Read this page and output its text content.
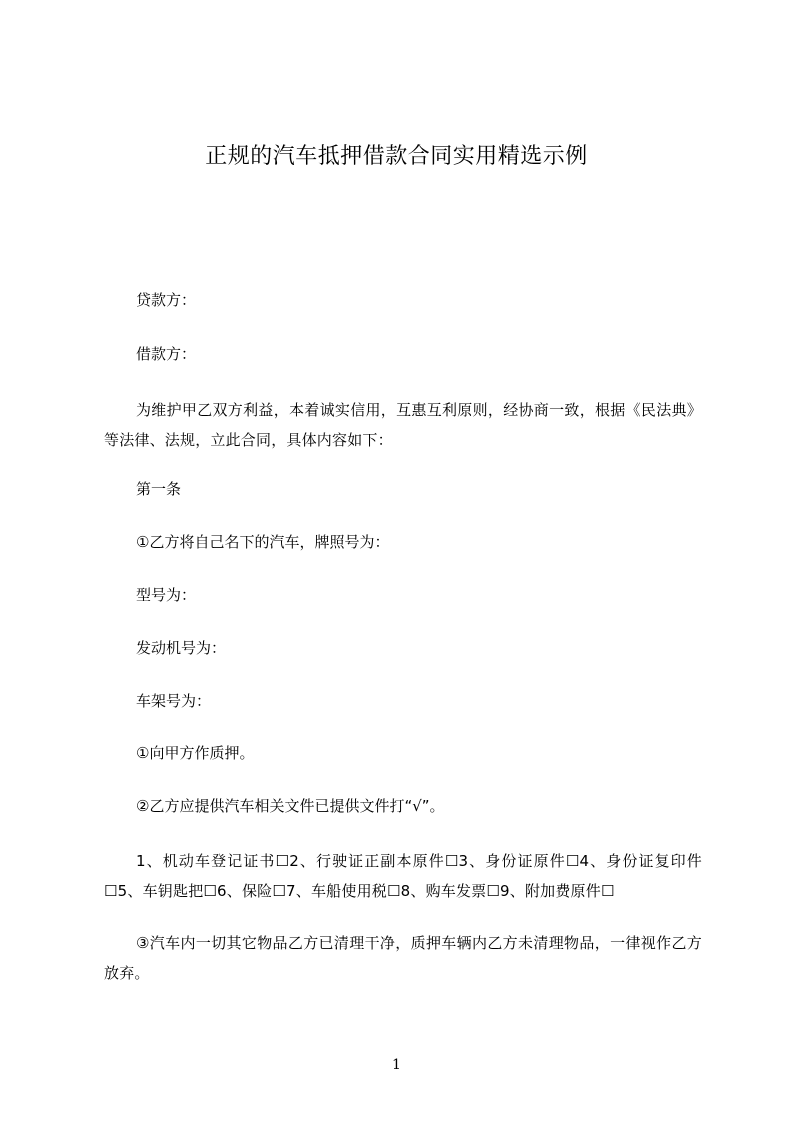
正规的汽车抵押借款合同实用精选示例

贷款方：

借款方：

为维护甲乙双方利益，本着诚实信用，互惠互利原则，经协商一致，根据《民法典》等法律、法规，立此合同，具体内容如下：

第一条

①乙方将自己名下的汽车，牌照号为：

型号为：

发动机号为：

车架号为：

①向甲方作质押。

②乙方应提供汽车相关文件已提供文件打“√”。

1、机动车登记证书☐2、行驶证正副本原件☐3、身份证原件☐4、身份证复印件☐5、车钥匙把☐6、保险☐7、车船使用税☐8、购车发票☐9、附加费原件☐

③汽车内一切其它物品乙方已清理干净，质押车辆内乙方未清理物品，一律视作乙方放弃。

1
